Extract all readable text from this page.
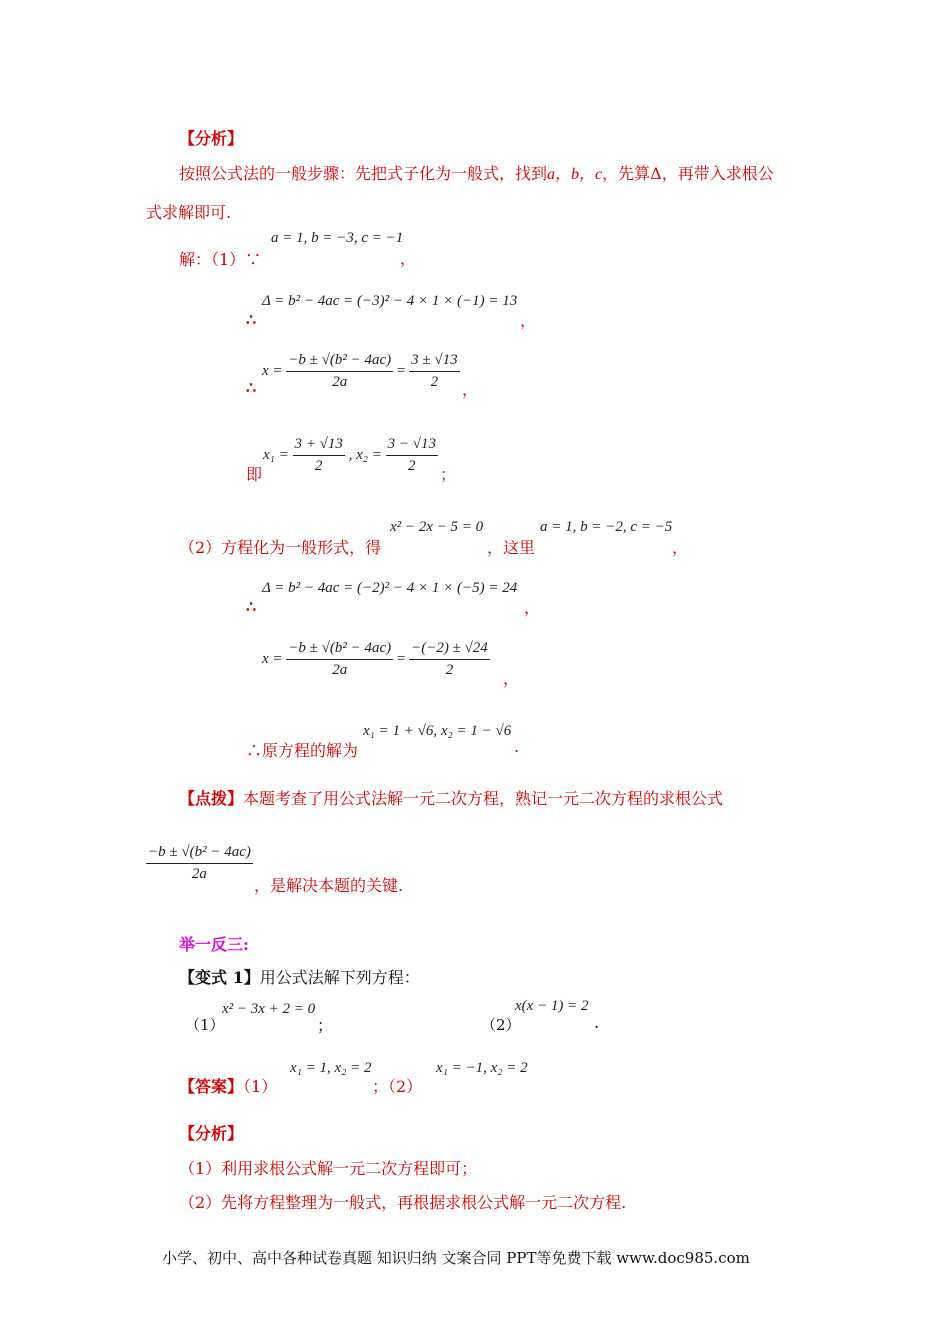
【分析】
按照公式法的一般步骤：先把式子化为一般式，找到a，b，c，先算Δ，再带入求根公
式求解即可.
解：（1）∵
a = 1, b = −3, c = −1
，
∴
Δ = b² − 4ac = (−3)² − 4 × 1 × (−1) = 13
，
∴
$x = \frac{\text{−b ± √(b² − 4ac)}}{2a} = \frac{3 \pm √13}{2}$ ，
即
$x_1 = \frac{3 + √13}{2}$ , $x_2 = \frac{3 - √13}{2}$ ；
（2）方程化为一般形式，得
x² − 2x − 5 = 0
，这里
a = 1, b = −2, c = −5
，
∴
Δ = b² − 4ac = (−2)² − 4 × 1 × (−5) = 24
，
$x = \frac{\text{−b ± √(b² − 4ac)}}{2a} = \frac{-(-2) \pm √24}{2}$ ，
∴原方程的解为
x₁ = 1 + √6, x₂ = 1 − √6
.
【点拨】本题考查了用公式法解一元二次方程，熟记一元二次方程的求根公式
$\frac{\text{−b ± √(b² − 4ac)}}{2a}$
，是解决本题的关键.
举一反三:
【变式 1】用公式法解下列方程：
（1）
x² − 3x + 2 = 0
；	（2）
x(x − 1) = 2
.
【答案】（1）
x₁ = 1, x₂ = 2
；（2）
x₁ = −1, x₂ = 2
【分析】
（1）利用求根公式解一元二次方程即可；
（2）先将方程整理为一般式，再根据求根公式解一元二次方程.
小学、初中、高中各种试卷真题 知识归纳 文案合同 PPT等免费下载 www.doc985.com
